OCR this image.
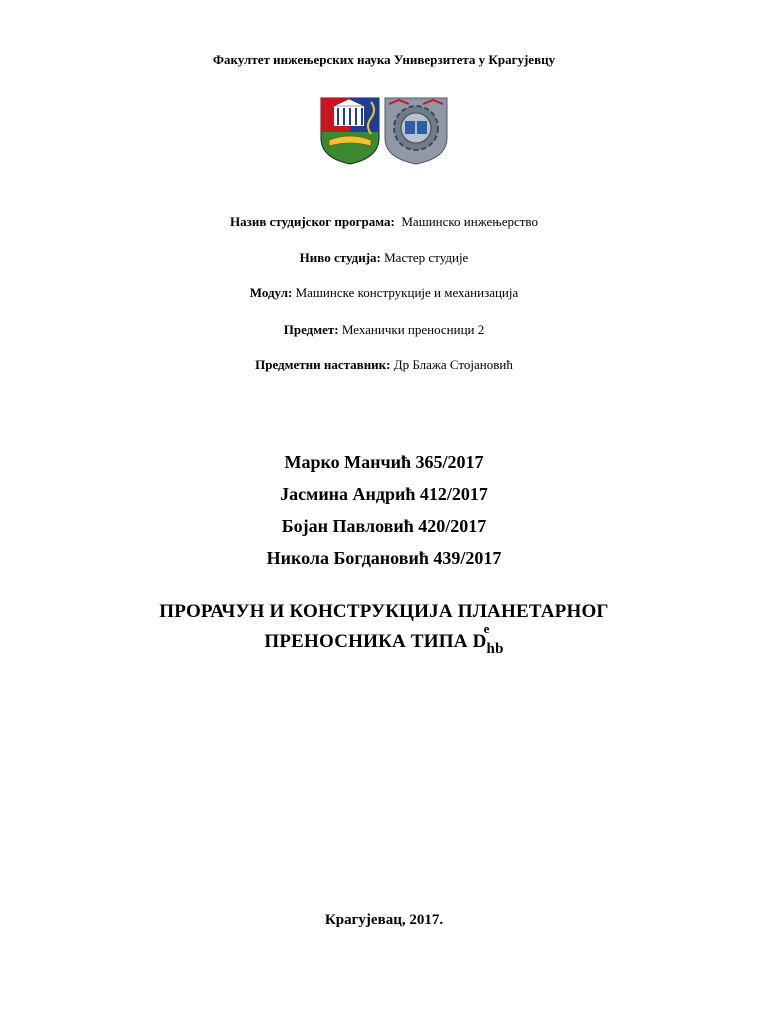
Факултет инжењерских наука Универзитета у Крагујевцу
Назив студијског програма: Машинско инжењерство
Ниво студија: Мастер студије
Модул: Машинске конструкције и механизација
Предмет: Механички преносници 2
Предметни наставник: Др Блажа Стојановић
Марко Манчић 365/2017
Јасмина Андрић 412/2017
Бојан Павловић 420/2017
Никола Богдановић 439/2017
ПРОРАЧУН И КОНСТРУКЦИЈА ПЛАНЕТАРНОГ
ПРЕНОСНИКА ТИПА D
e
$_{hb}$
Крагујевац, 2017.
